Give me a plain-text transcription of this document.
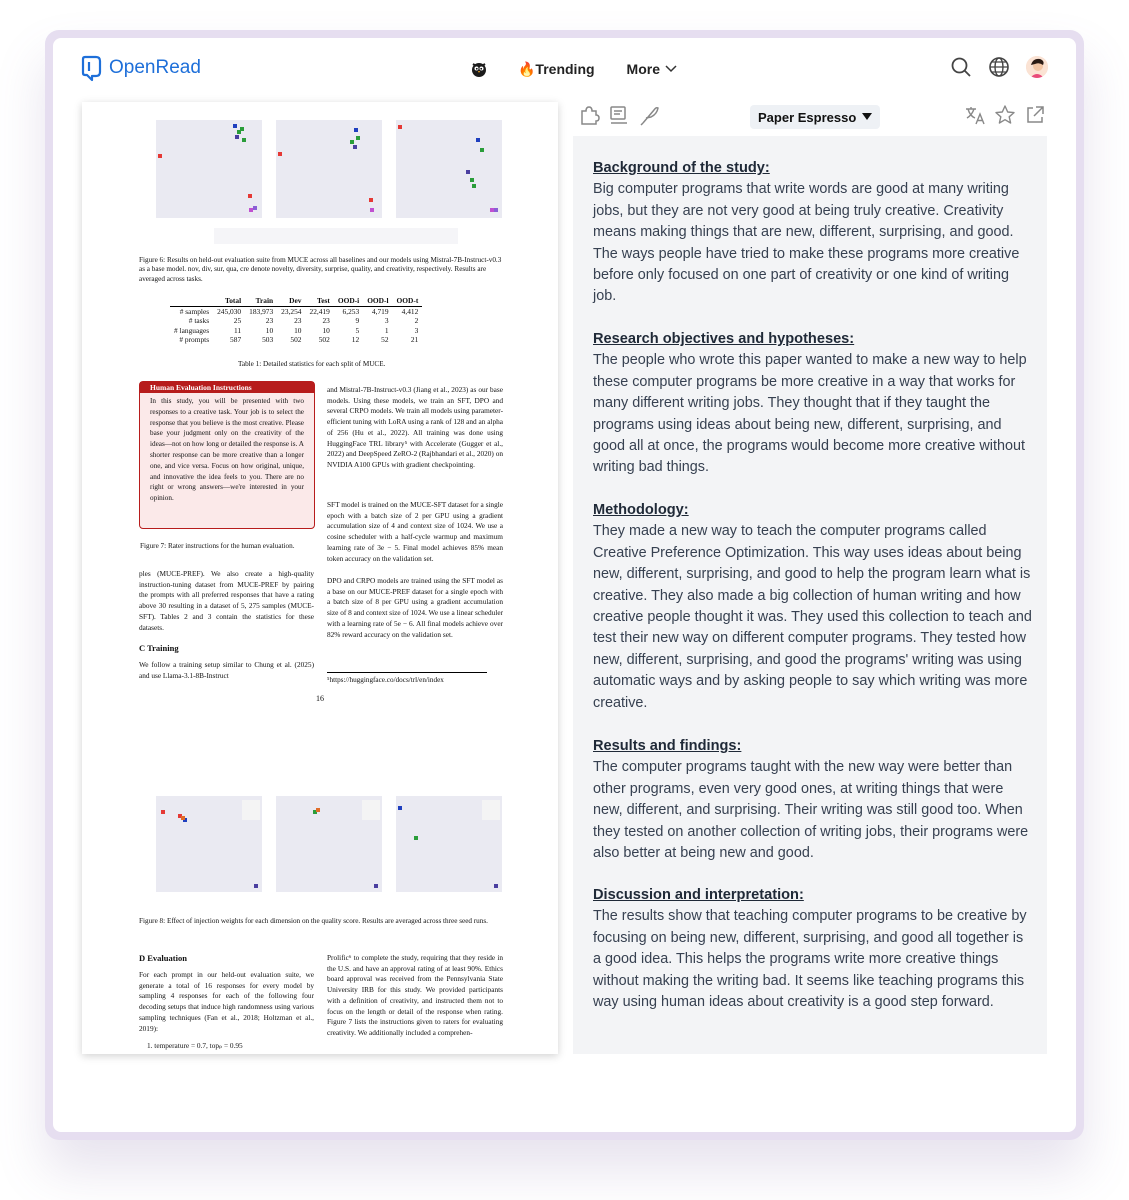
OpenRead	🔥Trending More
Figure 6: Results on held-out evaluation suite from MUCE across all baselines and our models using Mistral-7B-Instruct-v0.3 as a base model. nov, div, sur, qua, cre denote novelty, diversity, surprise, quality, and creativity, respectively. Results are averaged across tasks.
	Total	Train	Dev	Test	OOD-i	OOD-l	OOD-t
# samples	245,030	183,973	23,254	22,419	6,253	4,719	4,412
# tasks	25	23	23	23	9	3	2
# languages	11	10	10	10	5	1	3
# prompts	587	503	502	502	12	52	21
Table 1: Detailed statistics for each split of MUCE.
Human Evaluation Instructions
In this study, you will be presented with two responses to a creative task. Your job is to select the response that you believe is the most creative. Please base your judgment only on the creativity of the ideas—not on how long or detailed the response is. A shorter response can be more creative than a longer one, and vice versa. Focus on how original, unique, and innovative the idea feels to you. There are no right or wrong answers—we're interested in your opinion.
Figure 7: Rater instructions for the human evaluation.
ples (MUCE-PREF). We also create a high-quality instruction-tuning dataset from MUCE-PREF by pairing the prompts with all preferred responses that have a rating above 30 resulting in a dataset of 5, 275 samples (MUCE-SFT). Tables 2 and 3 contain the statistics for these datasets.
C Training
We follow a training setup similar to Chung et al. (2025) and use Llama-3.1-8B-Instruct
and Mistral-7B-Instruct-v0.3 (Jiang et al., 2023) as our base models. Using these models, we train an SFT, DPO and several CRPO models. We train all models using parameter-efficient tuning with LoRA using a rank of 128 and an alpha of 256 (Hu et al., 2022). All training was done using HuggingFace TRL library⁵ with Accelerate (Gugger et al., 2022) and DeepSpeed ZeRO-2 (Rajbhandari et al., 2020) on NVIDIA A100 GPUs with gradient checkpointing.
SFT model is trained on the MUCE-SFT dataset for a single epoch with a batch size of 2 per GPU using a gradient accumulation size of 4 and context size of 1024. We use a cosine scheduler with a half-cycle warmup and maximum learning rate of 3e − 5. Final model achieves 85% mean token accuracy on the validation set.
DPO and CRPO models are trained using the SFT model as a base on our MUCE-PREF dataset for a single epoch with a batch size of 8 per GPU using a gradient accumulation size of 8 and context size of 1024. We use a linear scheduler with a learning rate of 5e − 6. All final models achieve over 82% reward accuracy on the validation set.
⁵https://huggingface.co/docs/trl/en/index
16
Figure 8: Effect of injection weights for each dimension on the quality score. Results are averaged across three seed runs.
D Evaluation
For each prompt in our held-out evaluation suite, we generate a total of 16 responses for every model by sampling 4 responses for each of the following four decoding setups that induce high randomness using various sampling techniques (Fan et al., 2018; Holtzman et al., 2019):
1. temperature = 0.7, topₚ = 0.95
Prolific⁶ to complete the study, requiring that they reside in the U.S. and have an approval rating of at least 90%. Ethics board approval was received from the Pennsylvania State University IRB for this study. We provided participants with a definition of creativity, and instructed them not to focus on the length or detail of the response when rating. Figure 7 lists the instructions given to raters for evaluating creativity. We additionally included a comprehen-
Paper Espresso
Background of the study:

Big computer programs that write words are good at many writing jobs, but they are not very good at being truly creative. Creativity means making things that are new, different, surprising, and good. The ways people have tried to make these programs more creative before only focused on one part of creativity or one kind of writing job.

Research objectives and hypotheses:

The people who wrote this paper wanted to make a new way to help these computer programs be more creative in a way that works for many different writing jobs. They thought that if they taught the programs using ideas about being new, different, surprising, and good all at once, the programs would become more creative without writing bad things.

Methodology:

They made a new way to teach the computer programs called Creative Preference Optimization. This way uses ideas about being new, different, surprising, and good to help the program learn what is creative. They also made a big collection of human writing and how creative people thought it was. They used this collection to teach and test their new way on different computer programs. They tested how new, different, surprising, and good the programs' writing was using automatic ways and by asking people to say which writing was more creative.

Results and findings:

The computer programs taught with the new way were better than other programs, even very good ones, at writing things that were new, different, and surprising. Their writing was still good too. When they tested on another collection of writing jobs, their programs were also better at being new and good.

Discussion and interpretation:

The results show that teaching computer programs to be creative by focusing on being new, different, surprising, and good all together is a good idea. This helps the programs write more creative things without making the writing bad. It seems like teaching programs this way using human ideas about creativity is a good step forward.
